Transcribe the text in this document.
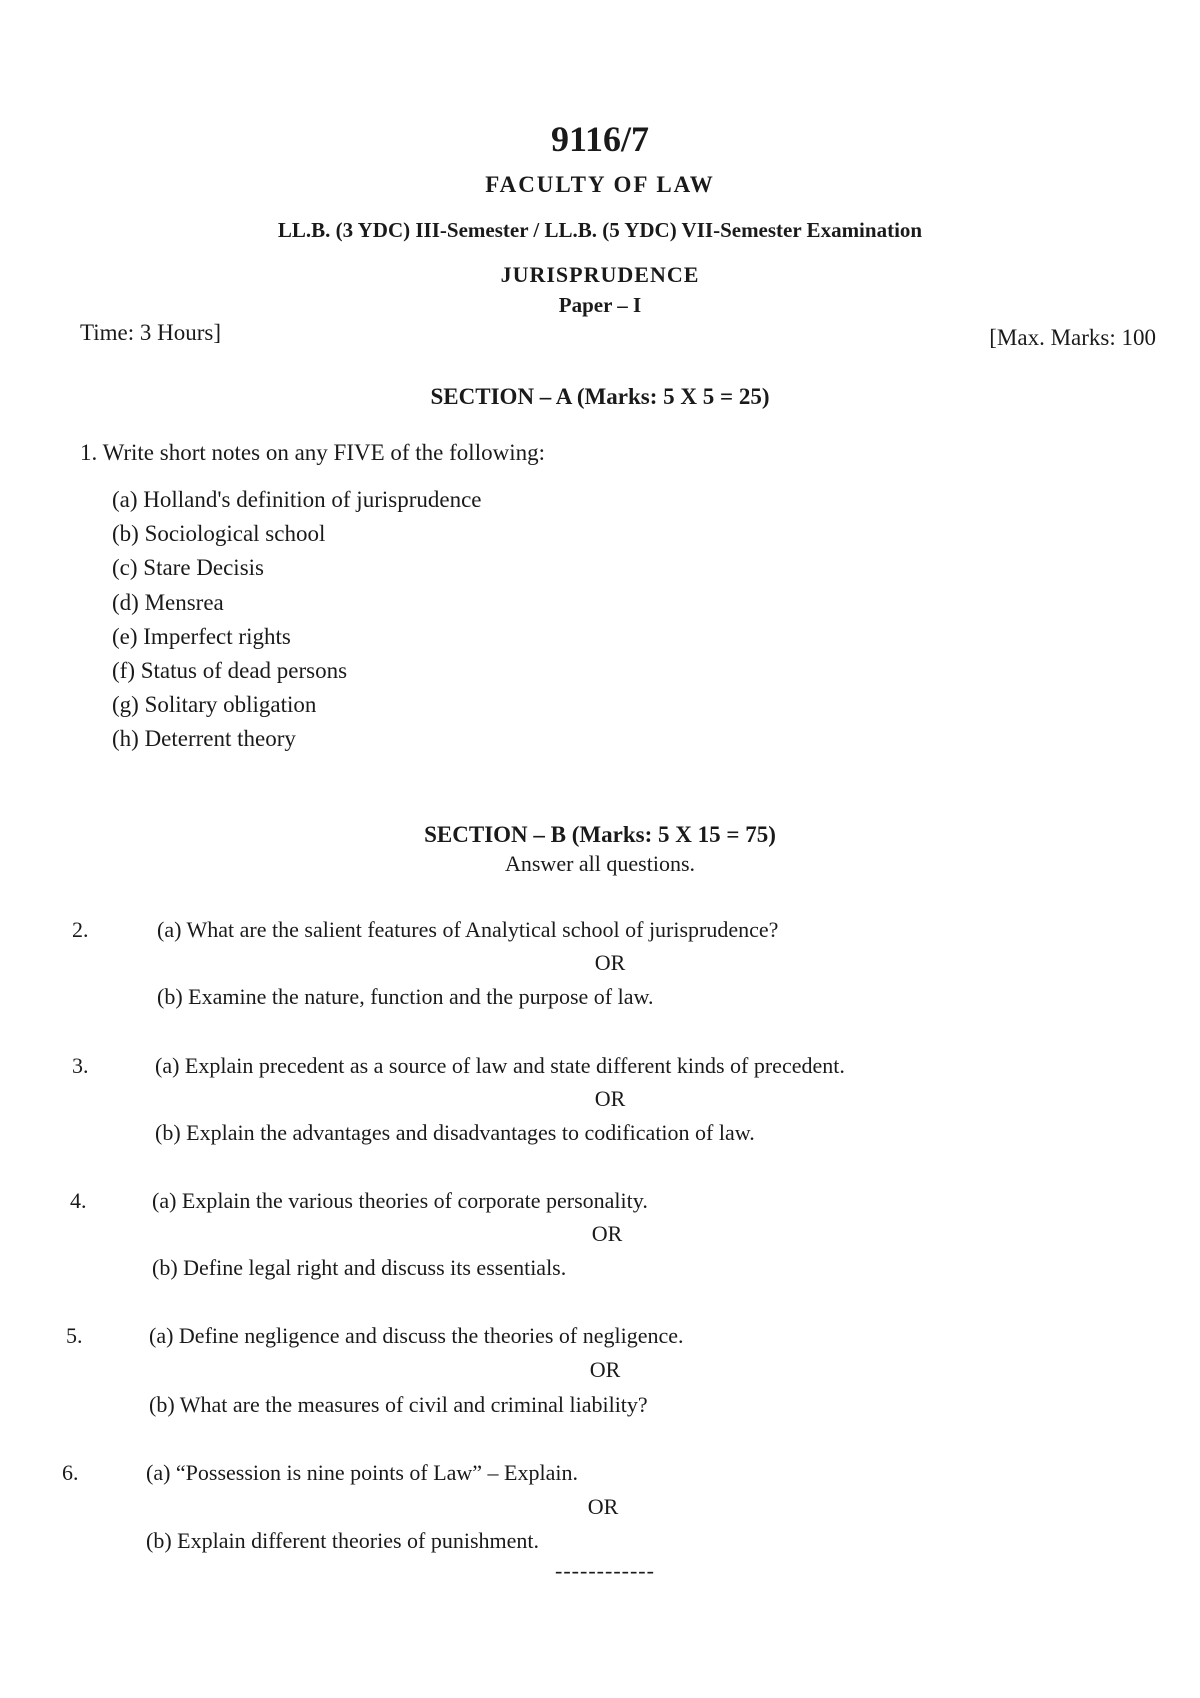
9116/7
FACULTY OF LAW
LL.B. (3 YDC) III-Semester / LL.B. (5 YDC) VII-Semester Examination
JURISPRUDENCE
Paper – I
Time: 3 Hours]	[Max. Marks: 100
SECTION – A (Marks: 5 X 5 = 25)
1. Write short notes on any FIVE of the following:
(a) Holland's definition of jurisprudence
(b) Sociological school
(c) Stare Decisis
(d) Mensrea
(e) Imperfect rights
(f) Status of dead persons
(g) Solitary obligation
(h) Deterrent theory
SECTION – B (Marks: 5 X 15 = 75)
Answer all questions.
2.	(a) What are the salient features of Analytical school of jurisprudence?
OR
(b) Examine the nature, function and the purpose of law.
3.	(a) Explain precedent as a source of law and state different kinds of precedent.
OR
(b) Explain the advantages and disadvantages to codification of law.
4.	(a) Explain the various theories of corporate personality.
OR
(b) Define legal right and discuss its essentials.
5.	(a) Define negligence and discuss the theories of negligence.
OR
(b) What are the measures of civil and criminal liability?
6.	(a) “Possession is nine points of Law” – Explain.
OR
(b) Explain different theories of punishment.
------------
